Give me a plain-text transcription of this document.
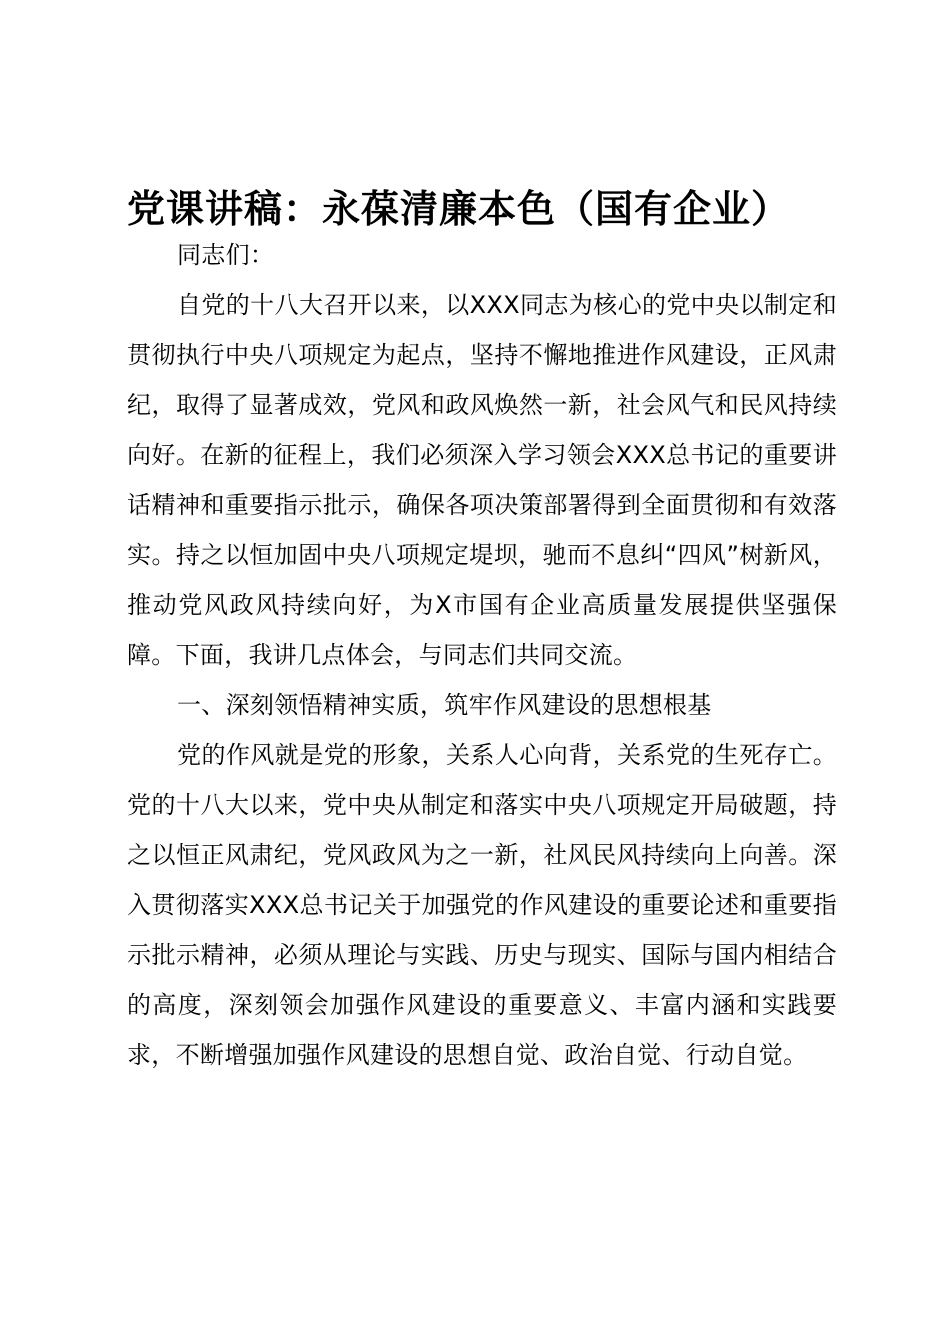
党课讲稿：永葆清廉本色（国有企业）

同志们：

自党的十八大召开以来，以XXX同志为核心的党中央以制定和贯彻执行中央八项规定为起点，坚持不懈地推进作风建设，正风肃纪，取得了显著成效，党风和政风焕然一新，社会风气和民风持续向好。在新的征程上，我们必须深入学习领会XXX总书记的重要讲话精神和重要指示批示，确保各项决策部署得到全面贯彻和有效落实。持之以恒加固中央八项规定堤坝，驰而不息纠“四风”树新风，推动党风政风持续向好，为X市国有企业高质量发展提供坚强保障。下面，我讲几点体会，与同志们共同交流。

一、深刻领悟精神实质，筑牢作风建设的思想根基

党的作风就是党的形象，关系人心向背，关系党的生死存亡。党的十八大以来，党中央从制定和落实中央八项规定开局破题，持之以恒正风肃纪，党风政风为之一新，社风民风持续向上向善。深入贯彻落实XXX总书记关于加强党的作风建设的重要论述和重要指示批示精神，必须从理论与实践、历史与现实、国际与国内相结合的高度，深刻领会加强作风建设的重要意义、丰富内涵和实践要求，不断增强加强作风建设的思想自觉、政治自觉、行动自觉。
